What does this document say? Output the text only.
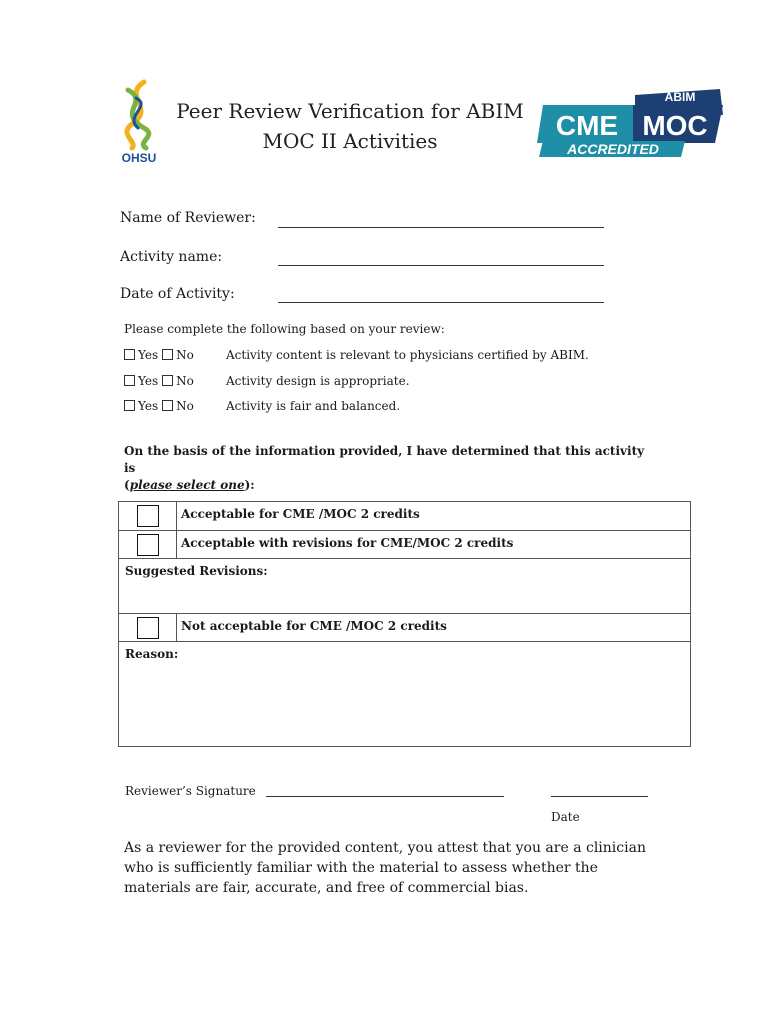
OHSU
Peer Review Verification for ABIM
MOC II Activities
ABIM
CME MOC
ACCREDITED
Name of Reviewer:
Activity name:
Date of Activity:
Please complete the following based on your review:
Yes No	Activity content is relevant to physicians certified by ABIM.
Yes No	Activity design is appropriate.
Yes No	Activity is fair and balanced.
On the basis of the information provided, I have determined that this activity is
(please select one):
	Acceptable for CME /MOC 2 credits

	Acceptable with revisions for CME/MOC 2 credits
Suggested Revisions:	

	Not acceptable for CME /MOC 2 credits
Reason:	
Reviewer’s Signature
Date
As a reviewer for the provided content, you attest that you are a clinician who is sufficiently familiar with the material to assess whether the materials are fair, accurate, and free of commercial bias.
